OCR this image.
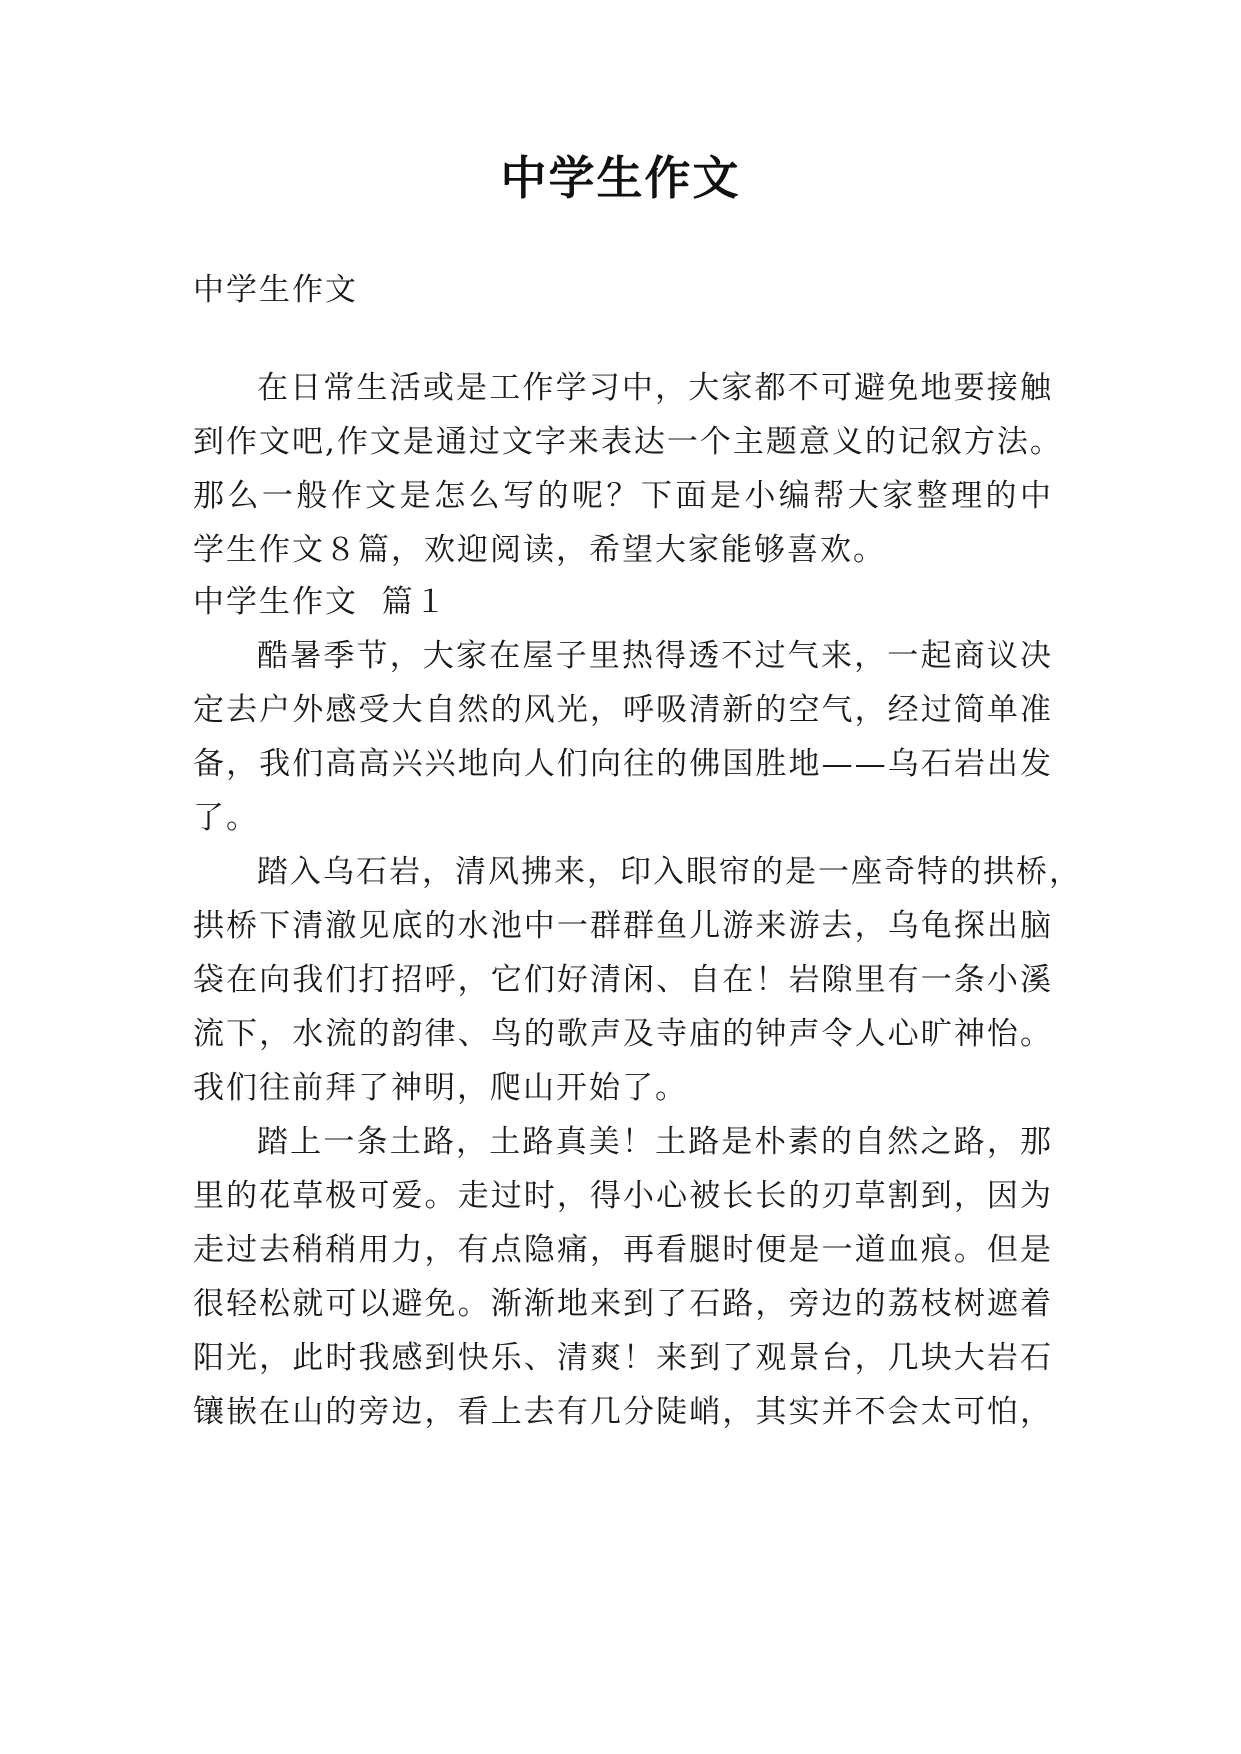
中学生作文
中学生作文
在日常生活或是工作学习中，大家都不可避免地要接触
到作文吧,作文是通过文字来表达一个主题意义的记叙方法。
那么一般作文是怎么写的呢？下面是小编帮大家整理的中
学生作文８篇，欢迎阅读，希望大家能够喜欢。
中学生作文  篇１
酷暑季节，大家在屋子里热得透不过气来，一起商议决
定去户外感受大自然的风光，呼吸清新的空气，经过简单准
备，我们高高兴兴地向人们向往的佛国胜地——乌石岩出发
了。
踏入乌石岩，清风拂来，印入眼帘的是一座奇特的拱桥，
拱桥下清澈见底的水池中一群群鱼儿游来游去，乌龟探出脑
袋在向我们打招呼，它们好清闲、自在！岩隙里有一条小溪
流下，水流的韵律、鸟的歌声及寺庙的钟声令人心旷神怡。
我们往前拜了神明，爬山开始了。
踏上一条土路，土路真美！土路是朴素的自然之路，那
里的花草极可爱。走过时，得小心被长长的刃草割到，因为
走过去稍稍用力，有点隐痛，再看腿时便是一道血痕。但是
很轻松就可以避免。渐渐地来到了石路，旁边的荔枝树遮着
阳光，此时我感到快乐、清爽！来到了观景台，几块大岩石
镶嵌在山的旁边，看上去有几分陡峭，其实并不会太可怕，
